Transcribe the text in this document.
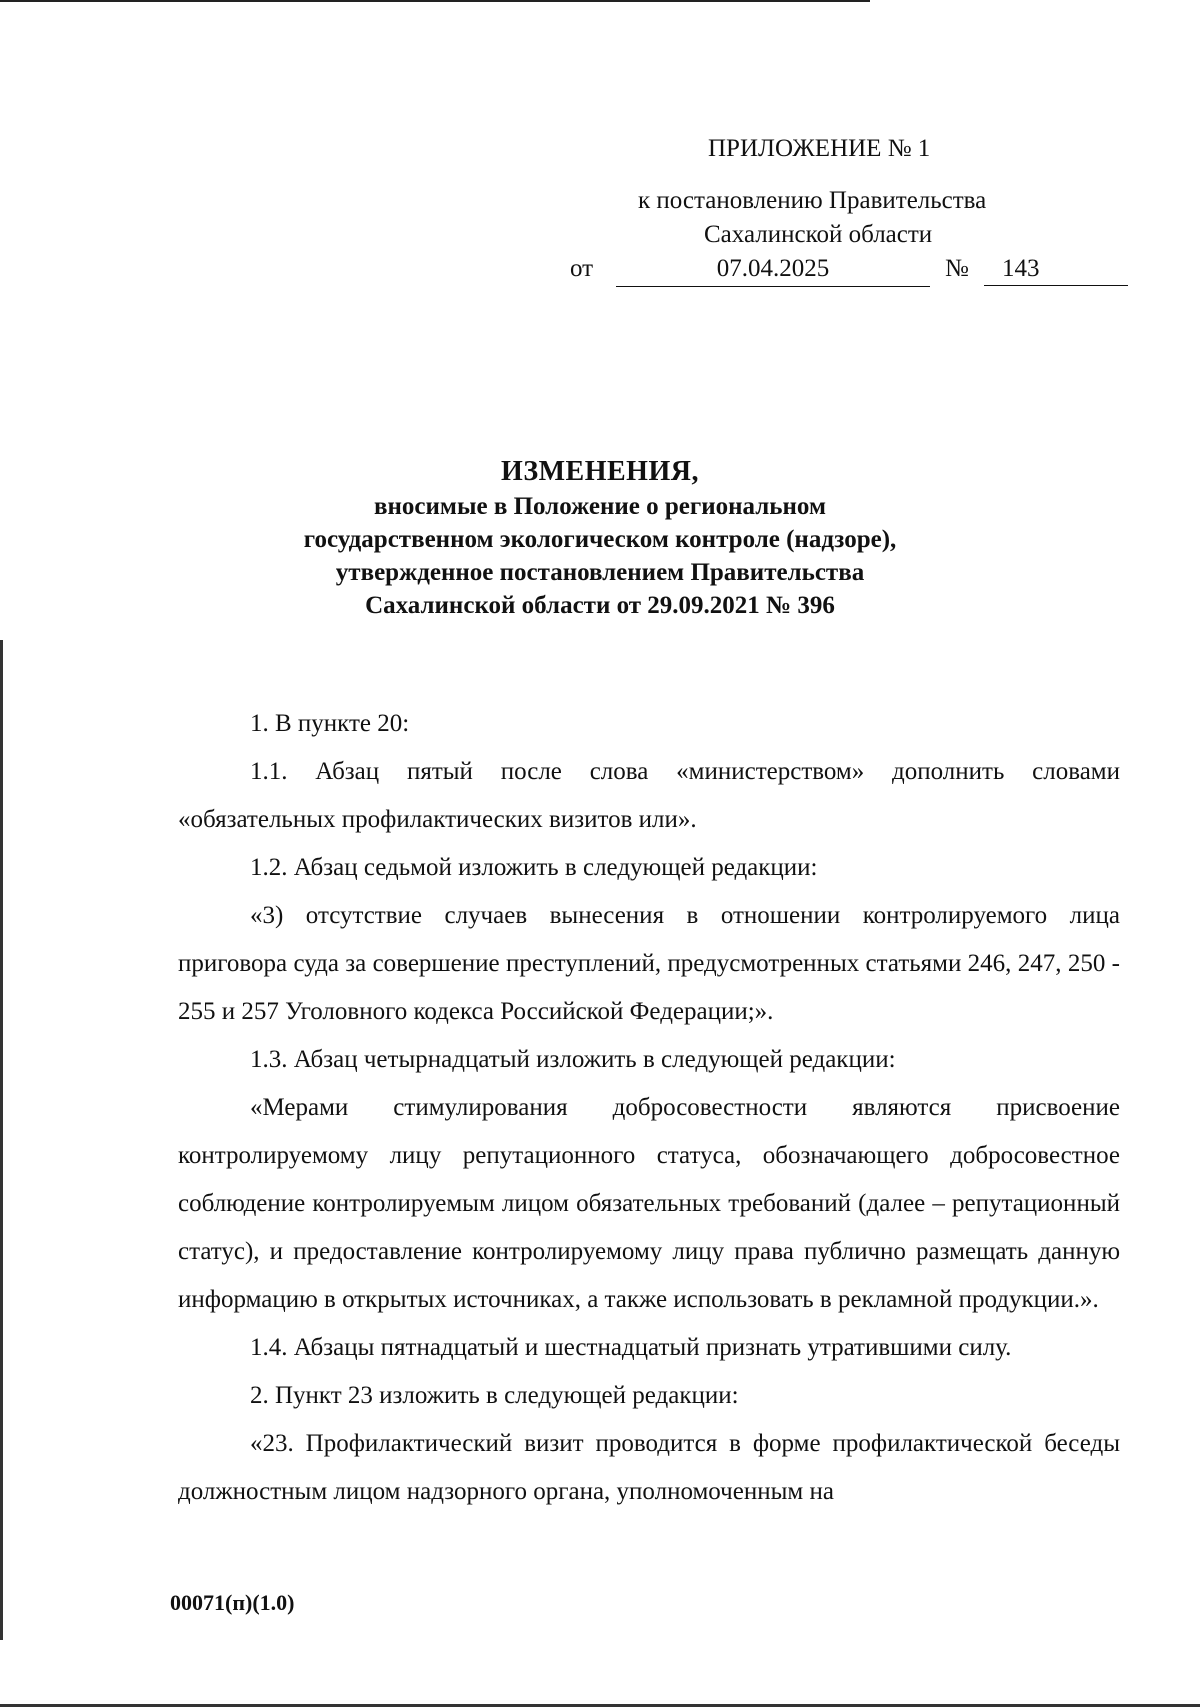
ПРИЛОЖЕНИЕ № 1
к постановлению Правительства
Сахалинской области
от	07.04.2025	№	143
ИЗМЕНЕНИЯ,
вносимые в Положение о региональном
государственном экологическом контроле (надзоре),
утвержденное постановлением Правительства
Сахалинской области от 29.09.2021 № 396

1. В пункте 20:

1.1. Абзац пятый после слова «министерством» дополнить словами «обязательных профилактических визитов или».

1.2. Абзац седьмой изложить в следующей редакции:

«3) отсутствие случаев вынесения в отношении контролируемого лица приговора суда за совершение преступлений, предусмотренных статьями 246, 247, 250 - 255 и 257 Уголовного кодекса Российской Федерации;».

1.3. Абзац четырнадцатый изложить в следующей редакции:

«Мерами стимулирования добросовестности являются присвоение контролируемому лицу репутационного статуса, обозначающего добросовестное соблюдение контролируемым лицом обязательных требований (далее – репутационный статус), и предоставление контролируемому лицу права публично размещать данную информацию в открытых источниках, а также использовать в рекламной продукции.».

1.4. Абзацы пятнадцатый и шестнадцатый признать утратившими силу.

2. Пункт 23 изложить в следующей редакции:

«23. Профилактический визит проводится в форме профилактической беседы должностным лицом надзорного органа, уполномоченным на

00071(п)(1.0)
